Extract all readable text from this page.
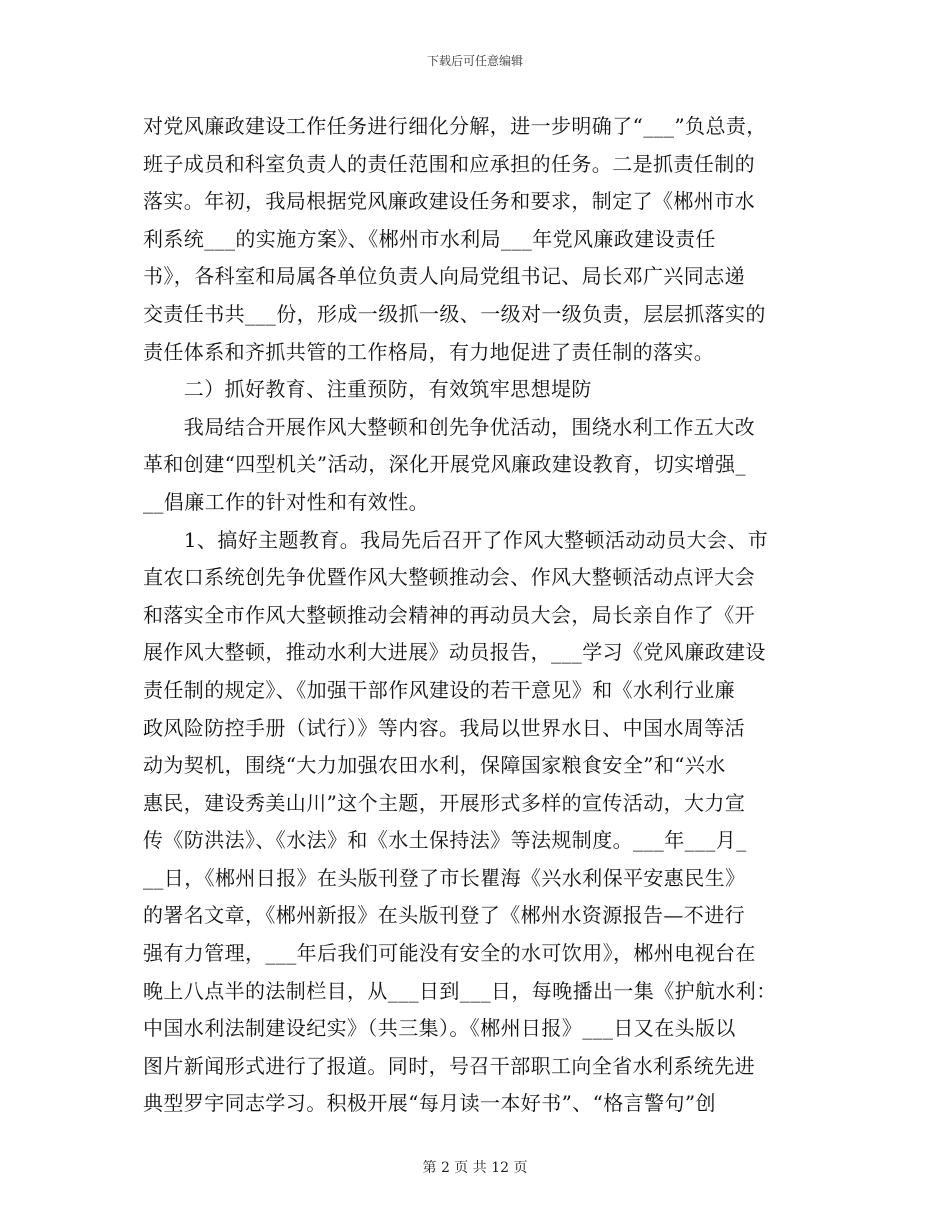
下载后可任意编辑
对党风廉政建设工作任务进行细化分解，进一步明确了“___”负总责，
班子成员和科室负责人的责任范围和应承担的任务。二是抓责任制的
落实。年初，我局根据党风廉政建设任务和要求，制定了《郴州市水
利系统___的实施方案》、《郴州市水利局___年党风廉政建设责任
书》，各科室和局属各单位负责人向局党组书记、局长邓广兴同志递
交责任书共___份，形成一级抓一级、一级对一级负责，层层抓落实的
责任体系和齐抓共管的工作格局，有力地促进了责任制的落实。
　　二）抓好教育、注重预防，有效筑牢思想堤防
　　我局结合开展作风大整顿和创先争优活动，围绕水利工作五大改
革和创建“四型机关”活动，深化开展党风廉政建设教育，切实增强_
__倡廉工作的针对性和有效性。
　　1、搞好主题教育。我局先后召开了作风大整顿活动动员大会、市
直农口系统创先争优暨作风大整顿推动会、作风大整顿活动点评大会
和落实全市作风大整顿推动会精神的再动员大会，局长亲自作了《开
展作风大整顿，推动水利大进展》动员报告，___学习《党风廉政建设
责任制的规定》、《加强干部作风建设的若干意见》和《水利行业廉
政风险防控手册（试行）》等内容。我局以世界水日、中国水周等活
动为契机，围绕“大力加强农田水利，保障国家粮食安全”和“兴水
惠民，建设秀美山川”这个主题，开展形式多样的宣传活动，大力宣
传《防洪法》、《水法》和《水土保持法》等法规制度。___年___月_
__日，《郴州日报》在头版刊登了市长瞿海《兴水利保平安惠民生》
的署名文章，《郴州新报》在头版刊登了《郴州水资源报告—不进行
强有力管理，___年后我们可能没有安全的水可饮用》，郴州电视台在
晚上八点半的法制栏目，从___日到___日，每晚播出一集《护航水利：
中国水利法制建设纪实》（共三集）。《郴州日报》___日又在头版以
图片新闻形式进行了报道。同时，号召干部职工向全省水利系统先进
典型罗宇同志学习。积极开展“每月读一本好书”、“格言警句”创
第 2 页 共 12 页
